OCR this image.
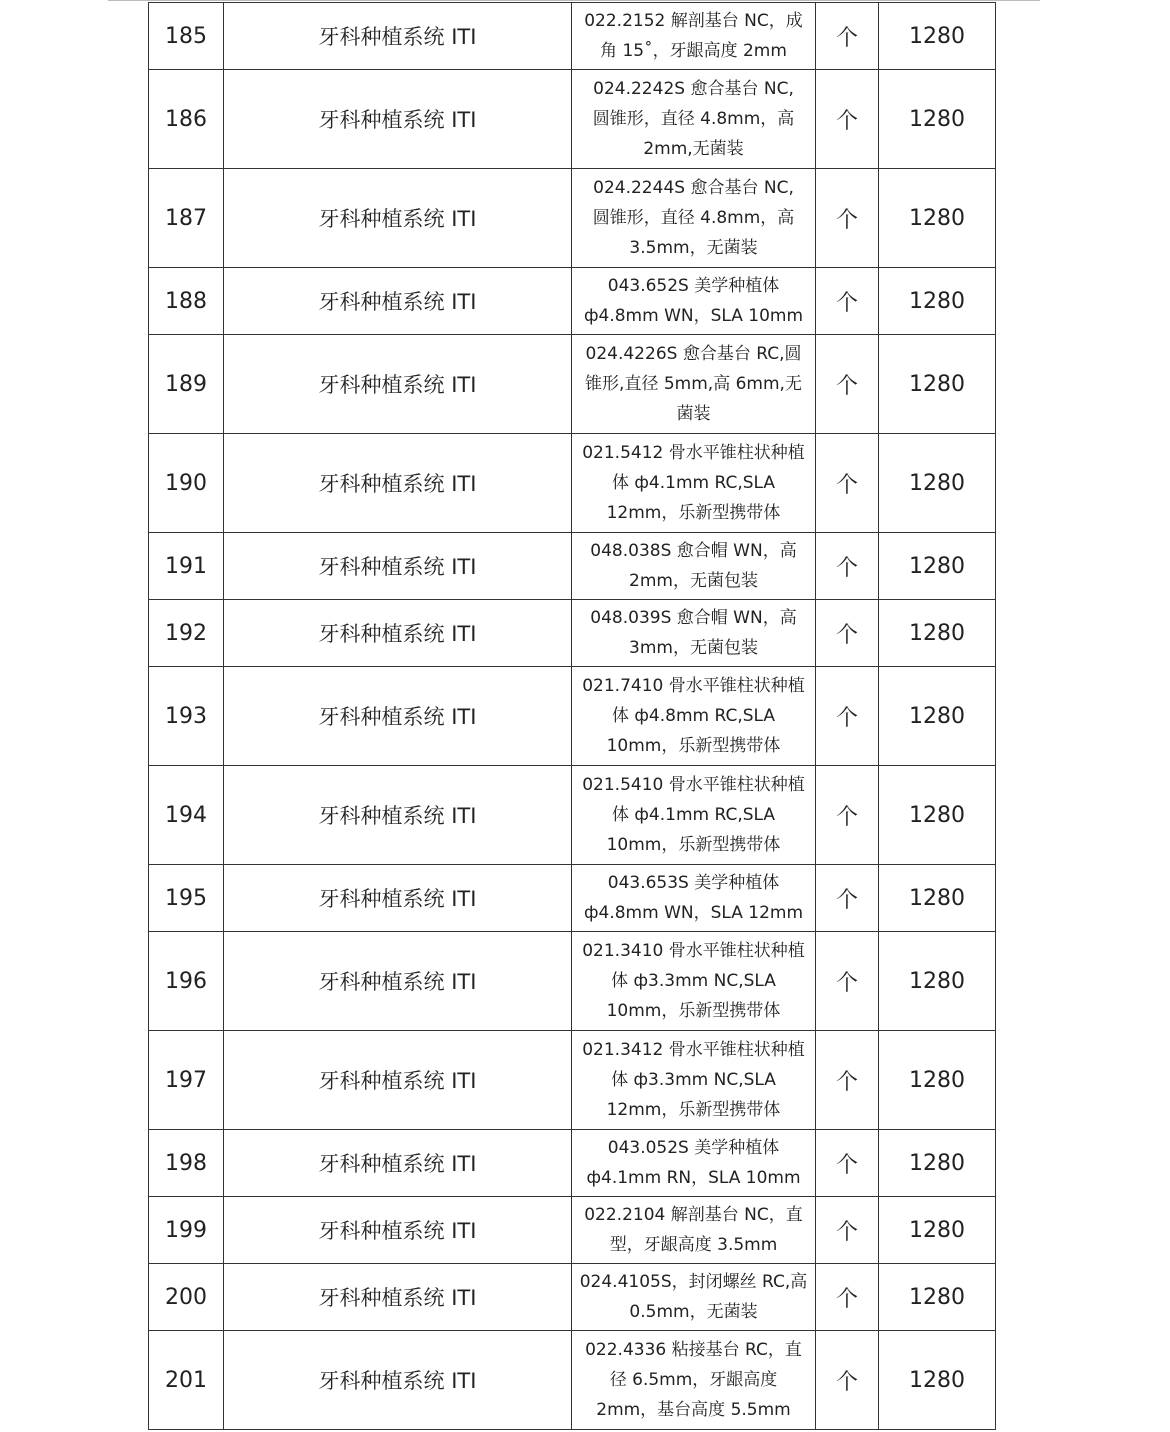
185	牙科种植系统 ITI	022.2152 解剖基台 NC，成
角 15˚，牙龈高度 2mm	个	1280
186	牙科种植系统 ITI	024.2242S 愈合基台 NC,
圆锥形，直径 4.8mm，高
2mm,无菌装	个	1280
187	牙科种植系统 ITI	024.2244S 愈合基台 NC,
圆锥形，直径 4.8mm，高
3.5mm，无菌装	个	1280
188	牙科种植系统 ITI	043.652S 美学种植体
ф4.8mm WN，SLA 10mm	个	1280
189	牙科种植系统 ITI	024.4226S 愈合基台 RC,圆
锥形,直径 5mm,高 6mm,无
菌装	个	1280
190	牙科种植系统 ITI	021.5412 骨水平锥柱状种植
体 ф4.1mm RC,SLA
12mm，乐新型携带体	个	1280
191	牙科种植系统 ITI	048.038S 愈合帽 WN，高
2mm，无菌包装	个	1280
192	牙科种植系统 ITI	048.039S 愈合帽 WN，高
3mm，无菌包装	个	1280
193	牙科种植系统 ITI	021.7410 骨水平锥柱状种植
体 ф4.8mm RC,SLA
10mm，乐新型携带体	个	1280
194	牙科种植系统 ITI	021.5410 骨水平锥柱状种植
体 ф4.1mm RC,SLA
10mm，乐新型携带体	个	1280
195	牙科种植系统 ITI	043.653S 美学种植体
ф4.8mm WN，SLA 12mm	个	1280
196	牙科种植系统 ITI	021.3410 骨水平锥柱状种植
体 ф3.3mm NC,SLA
10mm，乐新型携带体	个	1280
197	牙科种植系统 ITI	021.3412 骨水平锥柱状种植
体 ф3.3mm NC,SLA
12mm，乐新型携带体	个	1280
198	牙科种植系统 ITI	043.052S 美学种植体
ф4.1mm RN，SLA 10mm	个	1280
199	牙科种植系统 ITI	022.2104 解剖基台 NC，直
型，牙龈高度 3.5mm	个	1280
200	牙科种植系统 ITI	024.4105S，封闭螺丝 RC,高
0.5mm，无菌装	个	1280
201	牙科种植系统 ITI	022.4336 粘接基台 RC，直
径 6.5mm，牙龈高度
2mm，基台高度 5.5mm	个	1280
